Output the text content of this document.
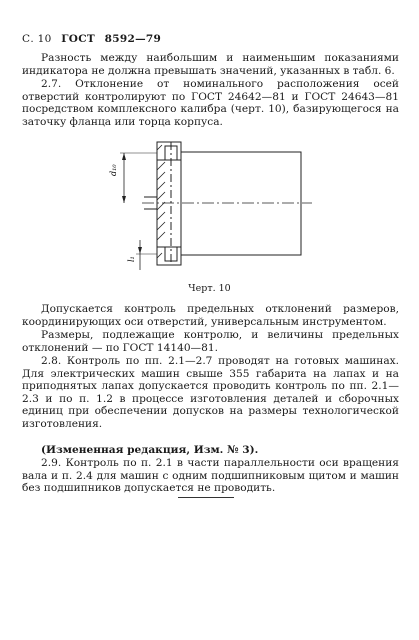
С. 10 ГОСТ 8592—79

Разность между наибольшим и наименьшим показаниями индикатора не должна превышать значений, указанных в табл. 6.

2.7. Отклонение от номинального расположения осей отверстий контролируют по ГОСТ 24642—81 и ГОСТ 24643—81 посредством комплексного калибра (черт. 10), базирующегося на заточку фланца или торца корпуса.

d₁₀
l₁
Черт. 10

Допускается контроль предельных отклонений размеров, координирующих оси отверстий, универсальным инструментом.

Размеры, подлежащие контролю, и величины предельных отклонений — по ГОСТ 14140—81.

2.8. Контроль по пп. 2.1—2.7 проводят на готовых машинах. Для электрических машин свыше 355 габарита на лапах и на приподнятых лапах допускается проводить контроль по пп. 2.1—2.3 и по п. 1.2 в процессе изготовления деталей и сборочных единиц при обеспечении допусков на размеры технологической изготовления.

(Измененная редакция, Изм. № 3).

2.9. Контроль по п. 2.1 в части параллельности оси вращения вала и п. 2.4 для машин с одним подшипниковым щитом и машин без подшипников допускается не проводить.
